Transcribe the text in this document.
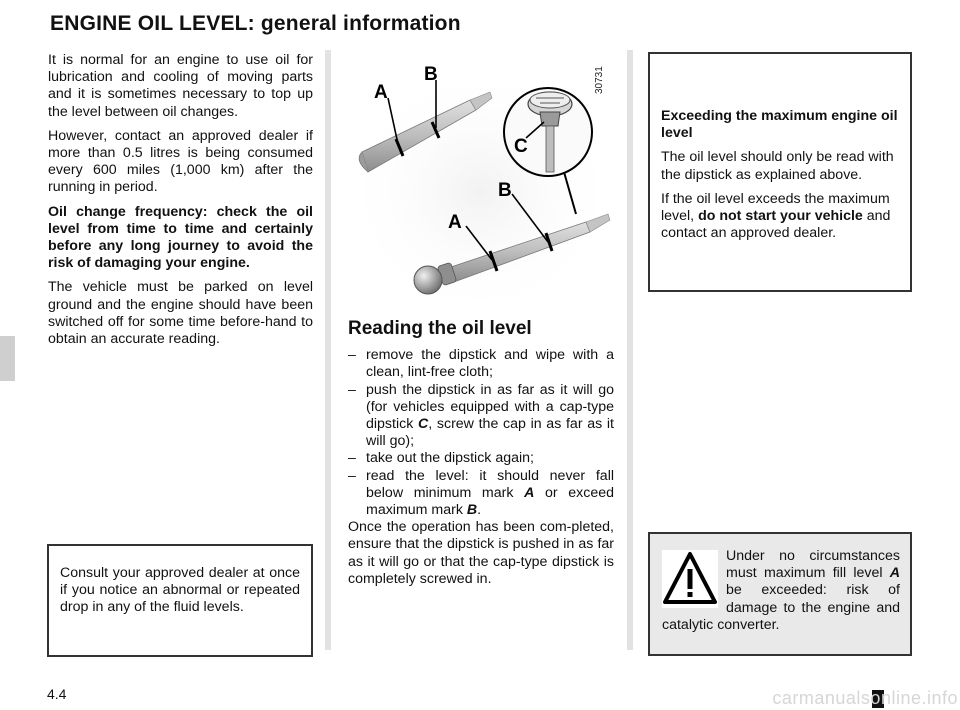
ENGINE OIL LEVEL: general information

It is normal for an engine to use oil for lubrication and cooling of moving parts and it is sometimes necessary to top up the level between oil changes.

However, contact an approved dealer if more than 0.5 litres is being consumed every 600 miles (1,000 km) after the running in period.

Oil change frequency: check the oil level from time to time and certainly before any long journey to avoid the risk of damaging your engine.

The vehicle must be parked on level ground and the engine should have been switched off for some time before-hand to obtain an accurate reading.

Consult your approved dealer at once if you notice an abnormal or repeated drop in any of the fluid levels.

A
B
C
B
A
30731
Reading the oil level
– remove the dipstick and wipe with a clean, lint-free cloth;
– push the dipstick in as far as it will go (for vehicles equipped with a cap-type dipstick C, screw the cap in as far as it will go);
– take out the dipstick again;
– read the level: it should never fall below minimum mark A or exceed maximum mark B.

Once the operation has been com-pleted, ensure that the dipstick is pushed in as far as it will go or that the cap-type dipstick is completely screwed in.

Exceeding the maximum engine oil level

The oil level should only be read with the dipstick as explained above.

If the oil level exceeds the maximum level, do not start your vehicle and contact an approved dealer.

Under no circumstances must maximum fill level A be exceeded: risk of damage to the engine and catalytic converter.

4.4	carmanualsonline.info
